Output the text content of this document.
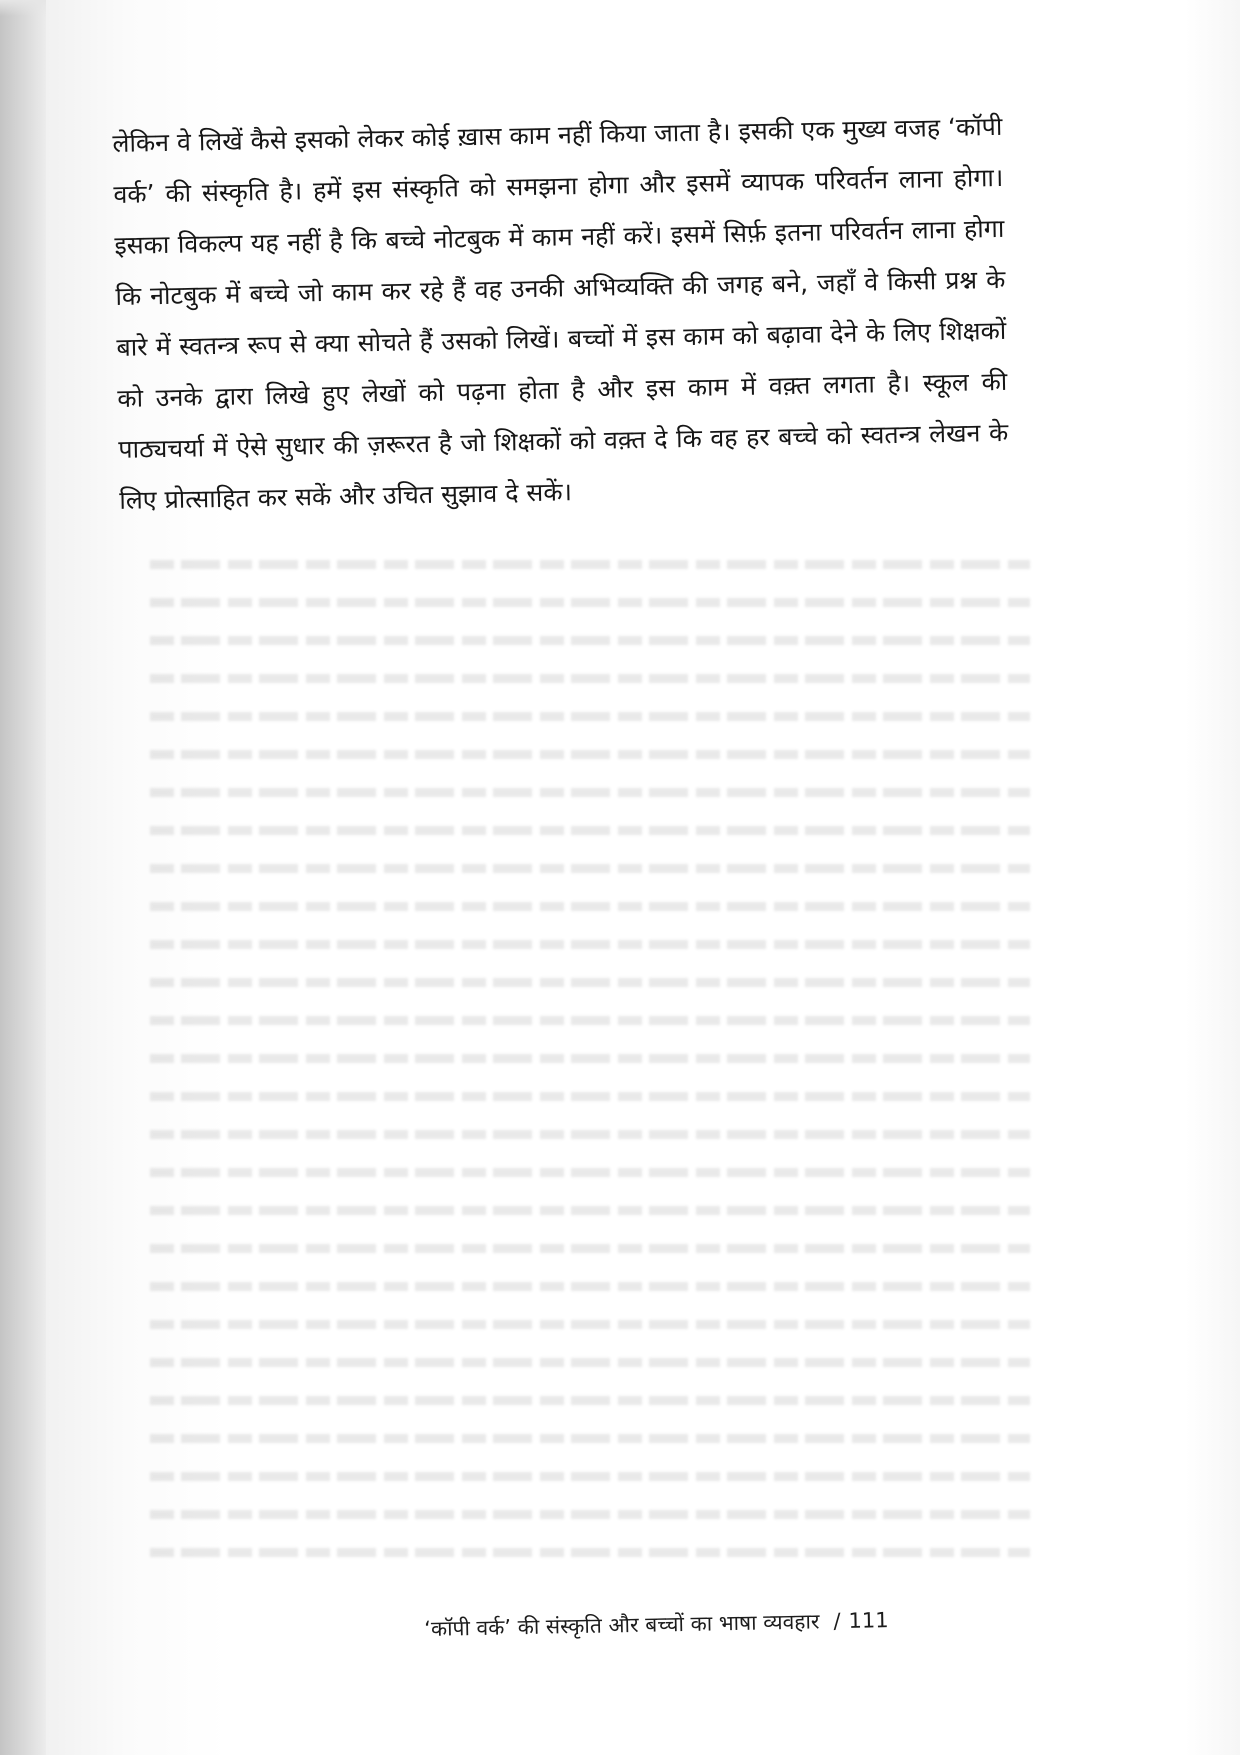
लेकिन वे लिखें कैसे इसको लेकर कोई ख़ास काम नहीं किया जाता है। इसकी एक मुख्य वजह ‘कॉपी वर्क’ की संस्कृति है। हमें इस संस्कृति को समझना होगा और इसमें व्यापक परिवर्तन लाना होगा। इसका विकल्प यह नहीं है कि बच्चे नोटबुक में काम नहीं करें। इसमें सिर्फ़ इतना परिवर्तन लाना होगा कि नोटबुक में बच्चे जो काम कर रहे हैं वह उनकी अभिव्यक्ति की जगह बने, जहाँ वे किसी प्रश्न के बारे में स्वतन्त्र रूप से क्या सोचते हैं उसको लिखें। बच्चों में इस काम को बढ़ावा देने के लिए शिक्षकों को उनके द्वारा लिखे हुए लेखों को पढ़ना होता है और इस काम में वक़्त लगता है। स्कूल की पाठ्यचर्या में ऐसे सुधार की ज़रूरत है जो शिक्षकों को वक़्त दे कि वह हर बच्चे को स्वतन्त्र लेखन के लिए प्रोत्साहित कर सकें और उचित सुझाव दे सकें।

‘कॉपी वर्क’ की संस्कृति और बच्चों का भाषा व्यवहार / 111
